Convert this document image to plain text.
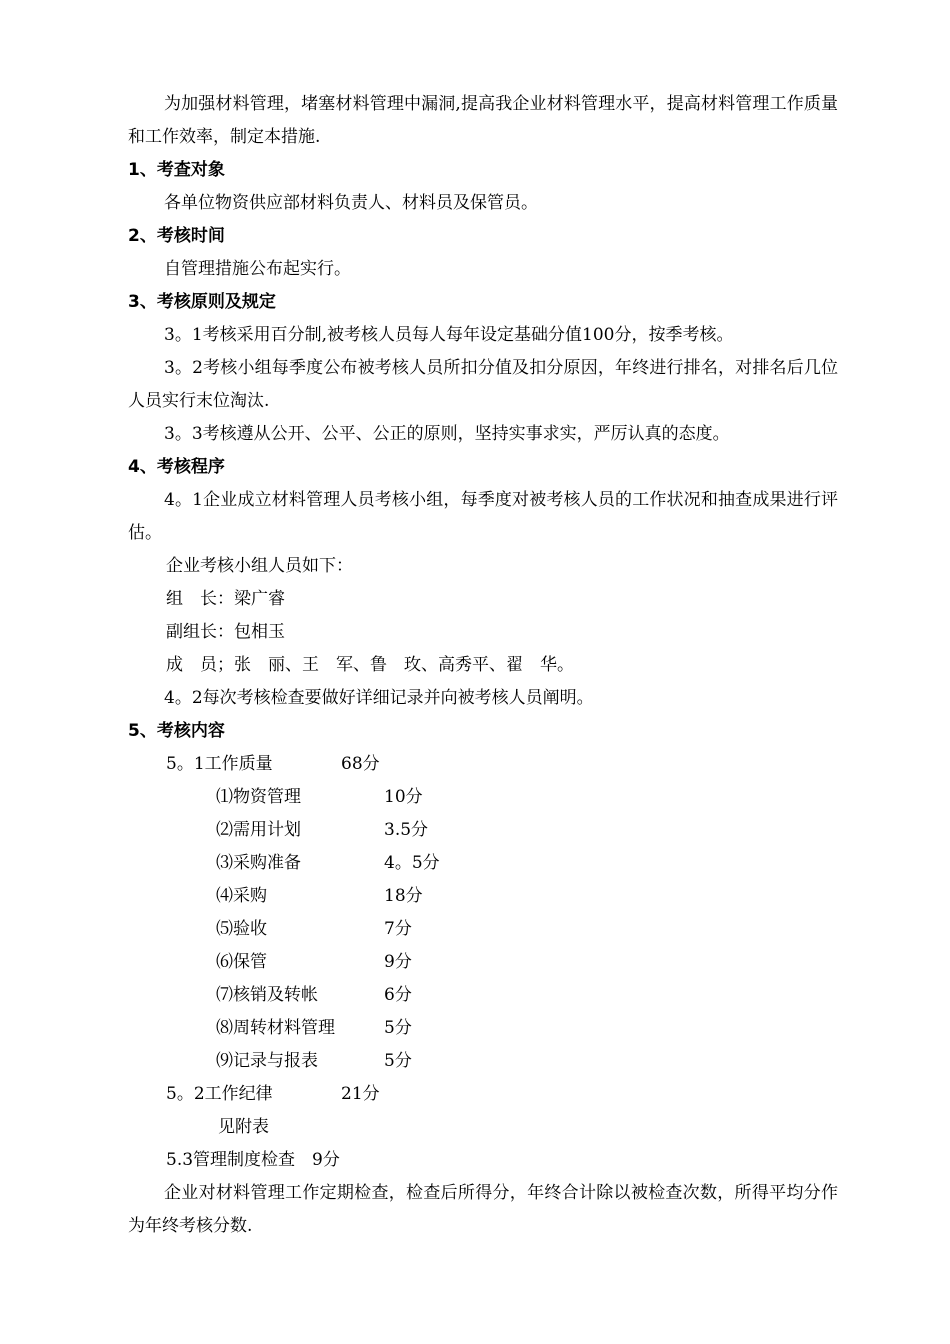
为加强材料管理，堵塞材料管理中漏洞,提高我企业材料管理水平，提高材料管理工作质量和工作效率，制定本措施.

1、考查对象

各单位物资供应部材料负责人、材料员及保管员。

2、考核时间

自管理措施公布起实行。

3、考核原则及规定

3。1考核采用百分制,被考核人员每人每年设定基础分值100分，按季考核。

3。2考核小组每季度公布被考核人员所扣分值及扣分原因，年终进行排名，对排名后几位人员实行末位淘汰.

3。3考核遵从公开、公平、公正的原则，坚持实事求实，严厉认真的态度。

4、考核程序

4。1企业成立材料管理人员考核小组，每季度对被考核人员的工作状况和抽查成果进行评估。

企业考核小组人员如下：

组　长：梁广睿

副组长：包相玉

成　员；张　丽、王　军、鲁　玫、高秀平、翟　华。

4。2每次考核检查要做好详细记录并向被考核人员阐明。

5、考核内容

5。1工作质量	68分
⑴物资管理	10分
⑵需用计划	3.5分
⑶采购准备	4。5分
⑷采购	18分
⑸验收	7分
⑹保管	9分
⑺核销及转帐	6分
⑻周转材料管理	5分
⑼记录与报表	5分
5。2工作纪律	21分
见附表

5.3管理制度检查　9分

企业对材料管理工作定期检查，检查后所得分，年终合计除以被检查次数，所得平均分作为年终考核分数.
